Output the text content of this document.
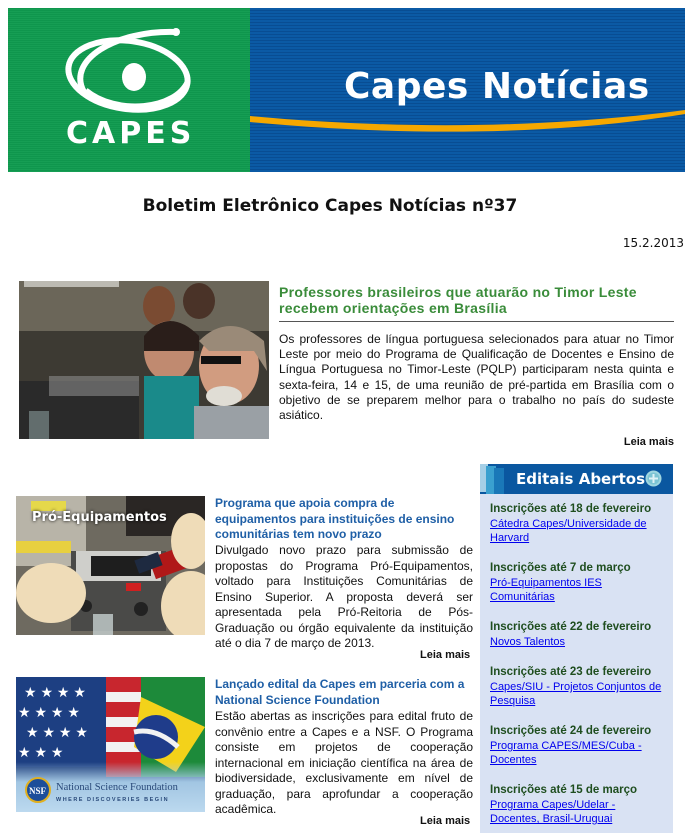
CAPES
Capes Notícias
Boletim Eletrônico Capes Notícias nº37
15.2.2013
Professores brasileiros que atuarão no Timor Leste recebem orientações em Brasília
Os professores de língua portuguesa selecionados para atuar no Timor Leste por meio do Programa de Qualificação de Docentes e Ensino de Língua Portuguesa no Timor-Leste (PQLP) participaram nesta quinta e sexta-feira, 14 e 15, de uma reunião de pré-partida em Brasília com o objetivo de se preparem melhor para o trabalho no país do sudeste asiático.
Leia mais
Pró-Equipamentos
Programa que apoia compra de equipamentos para instituições de ensino comunitárias tem novo prazo
Divulgado novo prazo para submissão de propostas do Programa Pró-Equipamentos, voltado para Instituições Comunitárias de Ensino Superior. A proposta deverá ser apresentada pela Pró-Reitoria de Pós-Graduação ou órgão equivalente da instituição até o dia 7 de março de 2013.
Leia mais
★ ★ ★ ★
★ ★ ★ ★
★ ★ ★ ★
★ ★ ★
NSF National Science Foundation
WHERE DISCOVERIES BEGIN
Lançado edital da Capes em parceria com a National Science Foundation
Estão abertas as inscrições para edital fruto de convênio entre a Capes e a NSF. O Programa consiste em projetos de cooperação internacional em iniciação científica na área de biodiversidade, exclusivamente em nível de graduação, para aprofundar a cooperação acadêmica.
Leia mais
Editais Abertos
Inscrições até 18 de fevereiro
Cátedra Capes/Universidade de Harvard
Inscrições até 7 de março
Pró-Equipamentos IES Comunitárias
Inscrições até 22 de fevereiro
Novos Talentos
Inscrições até 23 de fevereiro
Capes/SIU - Projetos Conjuntos de Pesquisa
Inscrições até 24 de fevereiro
Programa CAPES/MES/Cuba - Docentes
Inscrições até 15 de março
Programa Capes/Udelar - Docentes, Brasil-Uruguai
